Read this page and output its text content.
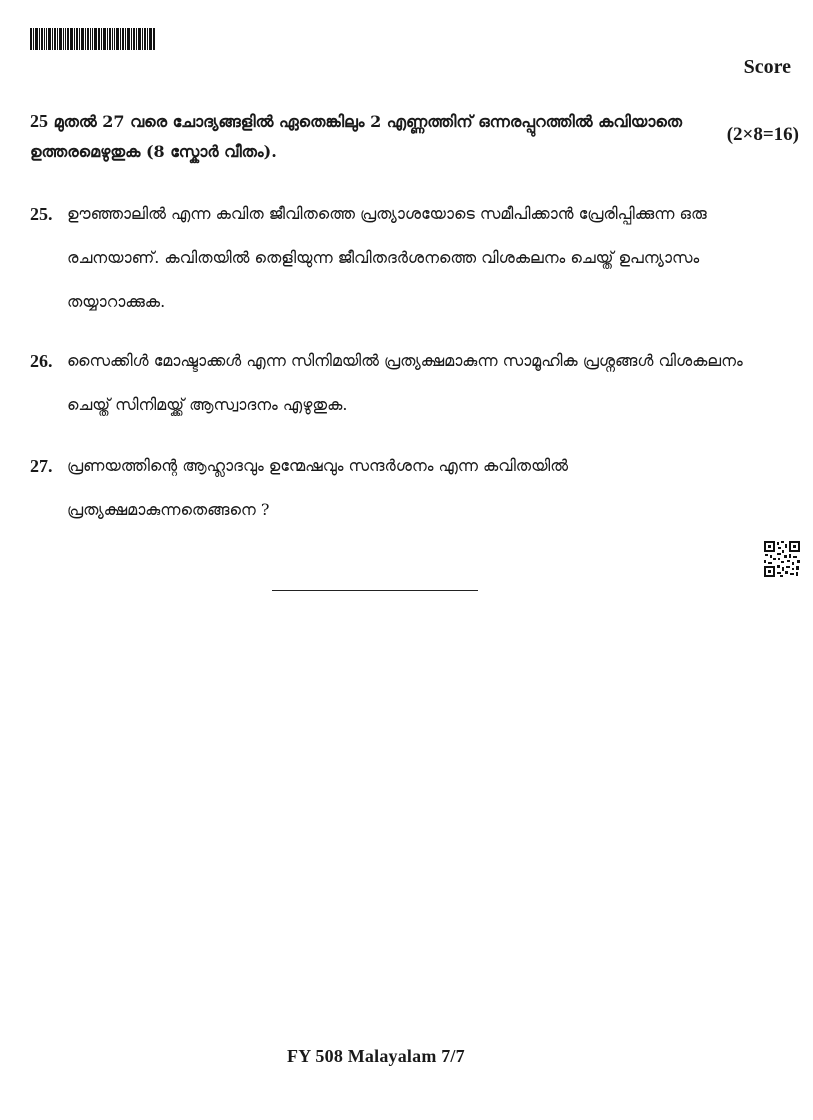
Score
25 മുതൽ 27 വരെ ചോദ്യങ്ങളിൽ ഏതെങ്കിലും 2 എണ്ണത്തിന് ഒന്നരപ്പുറത്തിൽ കവിയാതെ ഉത്തരമെഴുതുക (8 സ്കോർ വീതം).
(2×8=16)
25. ഊഞ്ഞാലിൽ എന്ന കവിത ജീവിതത്തെ പ്രത്യാശയോടെ സമീപിക്കാൻ പ്രേരിപ്പിക്കുന്ന ഒരു രചനയാണ്. കവിതയിൽ തെളിയുന്ന ജീവിതദർശനത്തെ വിശകലനം ചെയ്ത് ഉപന്യാസം തയ്യാറാക്കുക.
26. സൈക്കിൾ മോഷ്ടാക്കൾ എന്ന സിനിമയിൽ പ്രത്യക്ഷമാകുന്ന സാമൂഹിക പ്രശ്നങ്ങൾ വിശകലനം ചെയ്ത് സിനിമയ്ക്ക് ആസ്വാദനം എഴുതുക.
27. പ്രണയത്തിന്റെ ആഹ്ലാദവും ഉന്മേഷവും സന്ദർശനം എന്ന കവിതയിൽ പ്രത്യക്ഷമാകുന്നതെങ്ങനെ ?
FY 508 Malayalam 7/7
